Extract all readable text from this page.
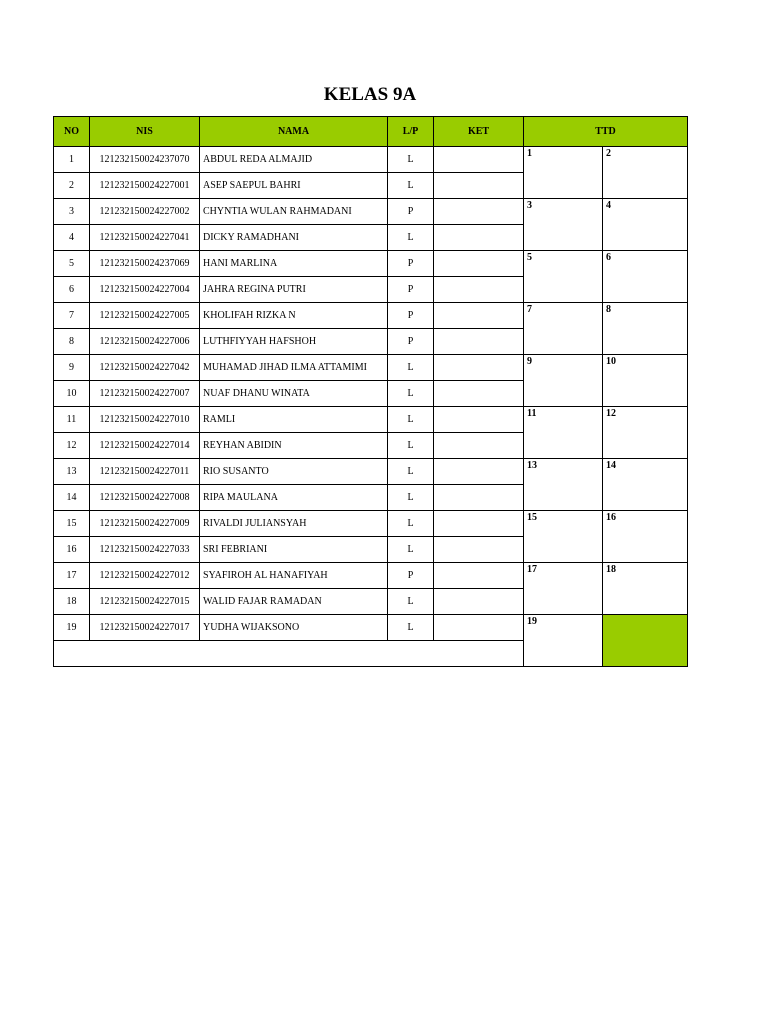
KELAS 9A
NO	NIS	NAMA	L/P	KET	TTD	
1	121232150024237070	ABDUL REDA ALMAJID	L		1	2
2	121232150024227001	ASEP SAEPUL BAHRI	L			
3	121232150024227002	CHYNTIA WULAN RAHMADANI	P		3	4
4	121232150024227041	DICKY RAMADHANI	L			
5	121232150024237069	HANI MARLINA	P		5	6
6	121232150024227004	JAHRA REGINA PUTRI	P			
7	121232150024227005	KHOLIFAH RIZKA N	P		7	8
8	121232150024227006	LUTHFIYYAH HAFSHOH	P			
9	121232150024227042	MUHAMAD JIHAD ILMA ATTAMIMI	L		9	10
10	121232150024227007	NUAF DHANU WINATA	L			
11	121232150024227010	RAMLI	L		11	12
12	121232150024227014	REYHAN ABIDIN	L			
13	121232150024227011	RIO SUSANTO	L		13	14
14	121232150024227008	RIPA MAULANA	L			
15	121232150024227009	RIVALDI JULIANSYAH	L		15	16
16	121232150024227033	SRI FEBRIANI	L			
17	121232150024227012	SYAFIROH AL HANAFIYAH	P		17	18
18	121232150024227015	WALID FAJAR RAMADAN	L			
19	121232150024227017	YUDHA WIJAKSONO	L		19	
